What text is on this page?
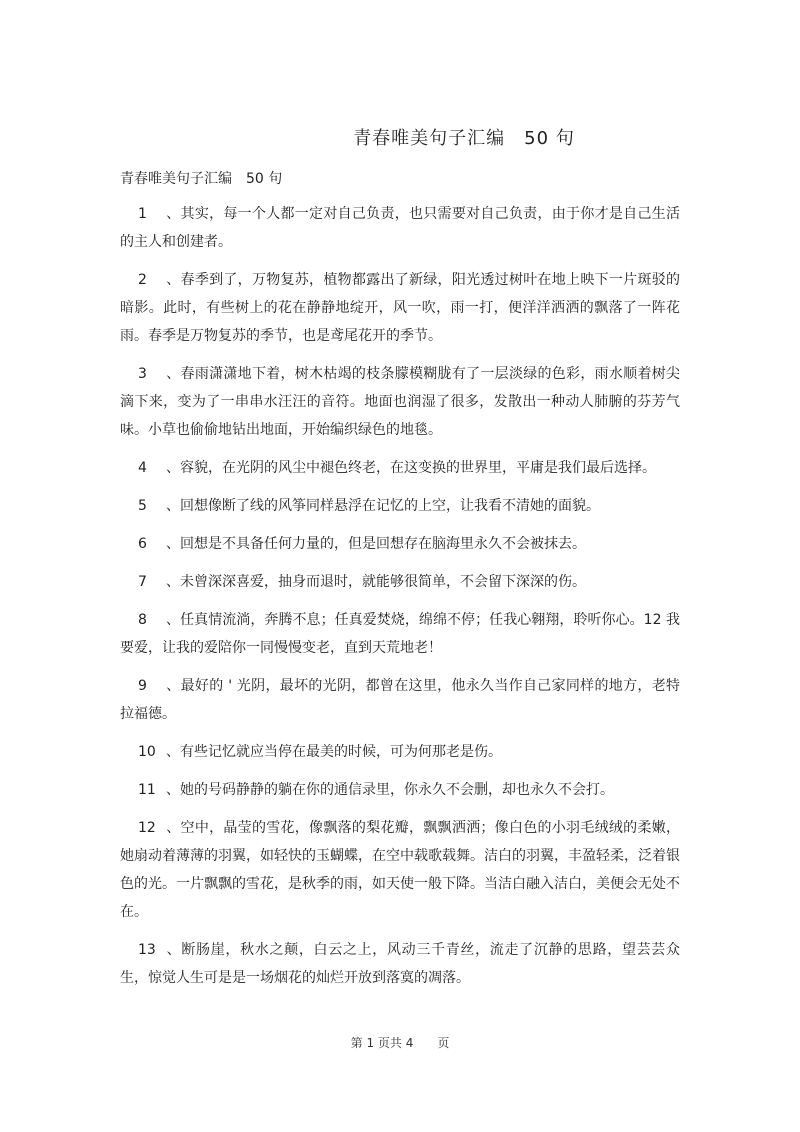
青春唯美句子汇编　50 句
青春唯美句子汇编　50 句

1 、其实，每一个人都一定对自己负责，也只需要对自己负责，由于你才是自己生活的主人和创建者。

2 、春季到了，万物复苏，植物都露出了新绿，阳光透过树叶在地上映下一片斑驳的暗影。此时，有些树上的花在静静地绽开，风一吹，雨一打，便洋洋洒洒的飘落了一阵花雨。春季是万物复苏的季节，也是鸢尾花开的季节。

3 、春雨潇潇地下着，树木枯竭的枝条朦模糊胧有了一层淡绿的色彩，雨水顺着树尖滴下来，变为了一串串水汪汪的音符。地面也润湿了很多，发散出一种动人肺腑的芬芳气味。小草也偷偷地钻出地面，开始编织绿色的地毯。

4 、容貌，在光阴的风尘中褪色终老，在这变换的世界里，平庸是我们最后选择。

5 、回想像断了线的风筝同样悬浮在记忆的上空，让我看不清她的面貌。

6 、回想是不具备任何力量的，但是回想存在脑海里永久不会被抹去。

7 、未曾深深喜爱，抽身而退时，就能够很简单，不会留下深深的伤。

8 、任真情流淌，奔腾不息；任真爱焚烧，绵绵不停；任我心翱翔，聆听你心。12 我要爱，让我的爱陪你一同慢慢变老，直到天荒地老！

9 、最好的 ' 光阴，最坏的光阴，都曾在这里，他永久当作自己家同样的地方，老特拉福德。

10 、有些记忆就应当停在最美的时候，可为何那老是伤。

11 、她的号码静静的躺在你的通信录里，你永久不会删，却也永久不会打。

12 、空中，晶莹的雪花，像飘落的梨花瓣，飘飘洒洒；像白色的小羽毛绒绒的柔嫩，她扇动着薄薄的羽翼，如轻快的玉蝴蝶，在空中载歌载舞。洁白的羽翼，丰盈轻柔，泛着银色的光。一片飘飘的雪花，是秋季的雨，如天使一般下降。当洁白融入洁白，美便会无处不在。

13 、断肠崖，秋水之颠，白云之上，风动三千青丝，流走了沉静的思路，望芸芸众生，惊觉人生可是是一场烟花的灿烂开放到落寞的凋落。

第 1 页共 4　　页
